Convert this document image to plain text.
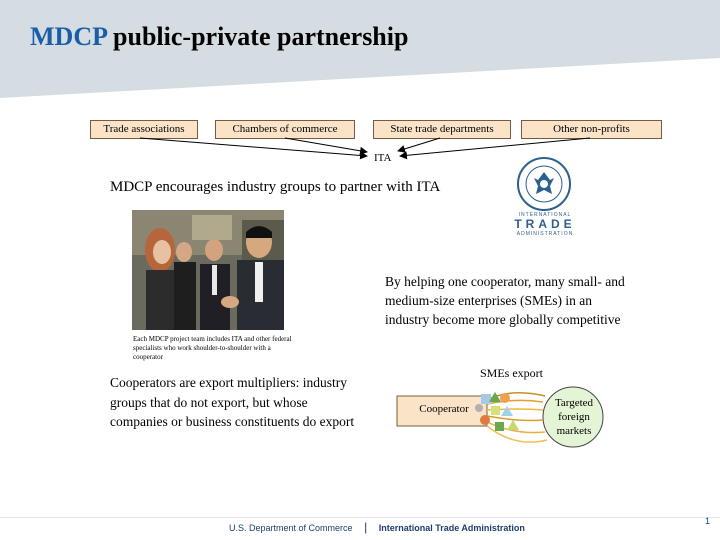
MDCP public-private partnership
Trade associations	Chambers of commerce	State trade departments	Other non-profits
ITA
MDCP encourages industry groups to partner with ITA
INTERNATIONAL
TRADE
ADMINISTRATION
Each MDCP project team includes ITA and other federal specialists who work shoulder-to-shoulder with a cooperator
By helping one cooperator, many small- and medium-size enterprises (SMEs) in an industry become more globally competitive
Cooperators are export multipliers: industry groups that do not export, but whose companies or business constituents do export
SMEs export
Cooperator	Targeted foreign markets
U.S. Department of Commerce | International Trade Administration
1
